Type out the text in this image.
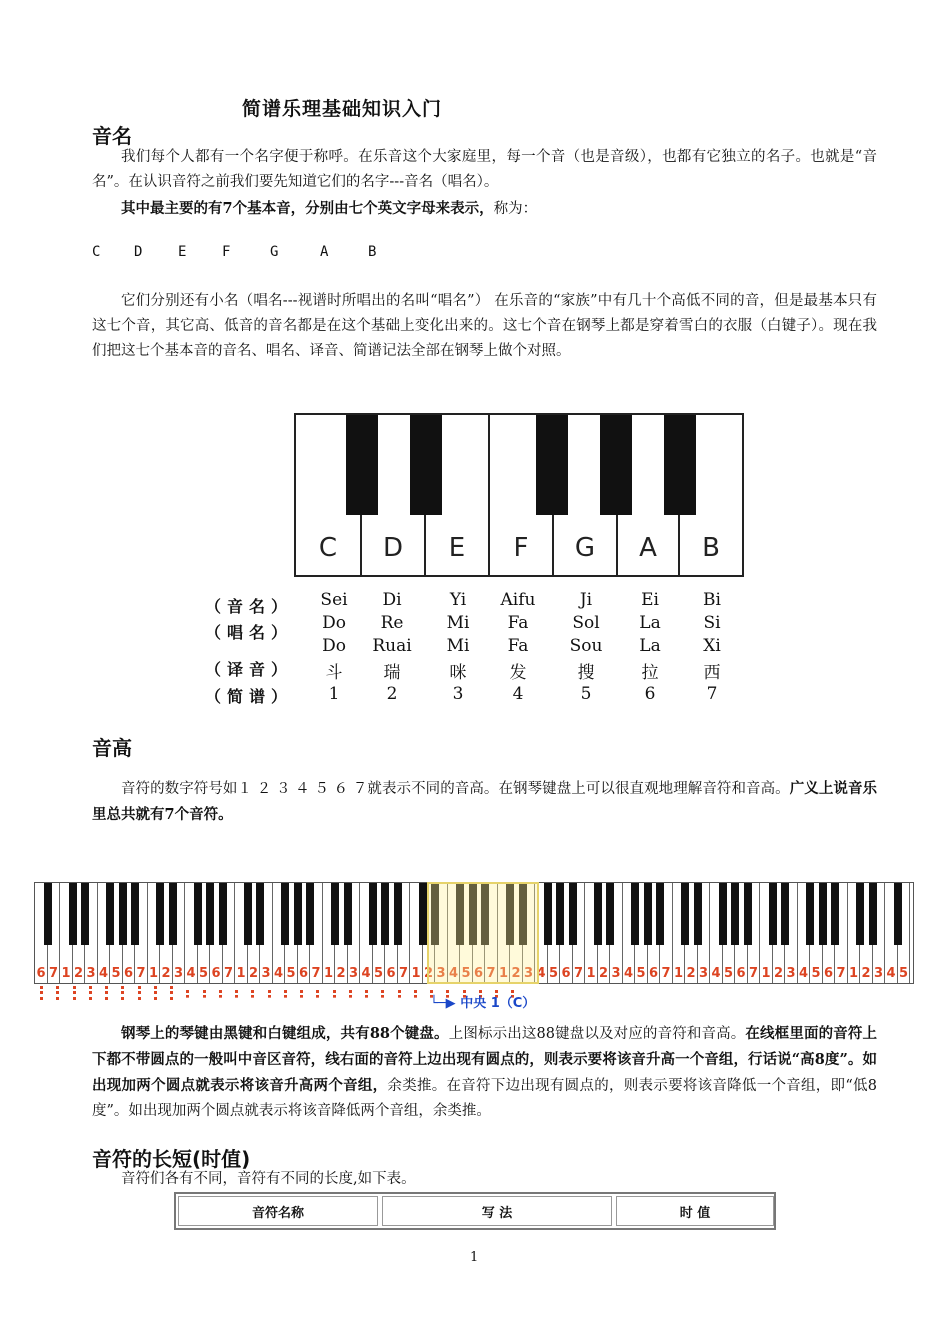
简谱乐理基础知识入门
音名
我们每个人都有一个名字便于称呼。在乐音这个大家庭里，每一个音（也是音级），也都有它独立的名子。也就是“音名”。在认识音符之前我们要先知道它们的名字---音名（唱名）。
其中最主要的有7个基本音，分别由七个英文字母来表示，称为：
C D	E	F	G	A	B
它们分别还有小名（唱名---视谱时所唱出的名叫“唱名”） 在乐音的“家族”中有几十个高低不同的音，但是最基本只有这七个音，其它高、低音的音名都是在这个基础上变化出来的。这七个音在钢琴上都是穿着雪白的衣服（白键子）。现在我们把这七个基本音的音名、唱名、译音、简谱记法全部在钢琴上做个对照。
C	D	E	F	G	A	B
（音名）
（唱名）
（译音）
（简谱）
Sei	Di	Yi	Aifu	Ji	Ei	Bi
Do	Re	Mi	Fa	Sol	La	Si
Do	Ruai	Mi	Fa	Sou	La	Xi
斗	瑞	咪	发	搜	拉	西
1	2	3	4	5	6	7
音高
音符的数字符号如１ ２ ３ ４ ５ ６ ７就表示不同的音高。在钢琴键盘上可以很直观地理解音符和音高。广义上说音乐里总共就有7个音符。
6 7 1 2 3 4 5 6 7 1 2 3 4 5 6 7 1 2 3 4 5 6 7 1 2 3 4 5 6 7 1 2 3 4 5 6 7 1 2 3 4 5 6 7 1 2 3 4 5 6 7 1 2 3 4 5 6 7 1 2 3 4 5 6 7 1 2 3 4 5
└─▶ 中央 1（C）
钢琴上的琴键由黑键和白键组成，共有88个键盘。上图标示出这88键盘以及对应的音符和音高。在线框里面的音符上下都不带圆点的一般叫中音区音符，线右面的音符上边出现有圆点的，则表示要将该音升高一个音组，行话说“高8度”。如出现加两个圆点就表示将该音升高两个音组，余类推。在音符下边出现有圆点的，则表示要将该音降低一个音组，即“低8度”。如出现加两个圆点就表示将该音降低两个音组，余类推。
音符的长短(时值)
音符们各有不同，音符有不同的长度,如下表。
音符名称	写 法	时 值
1
